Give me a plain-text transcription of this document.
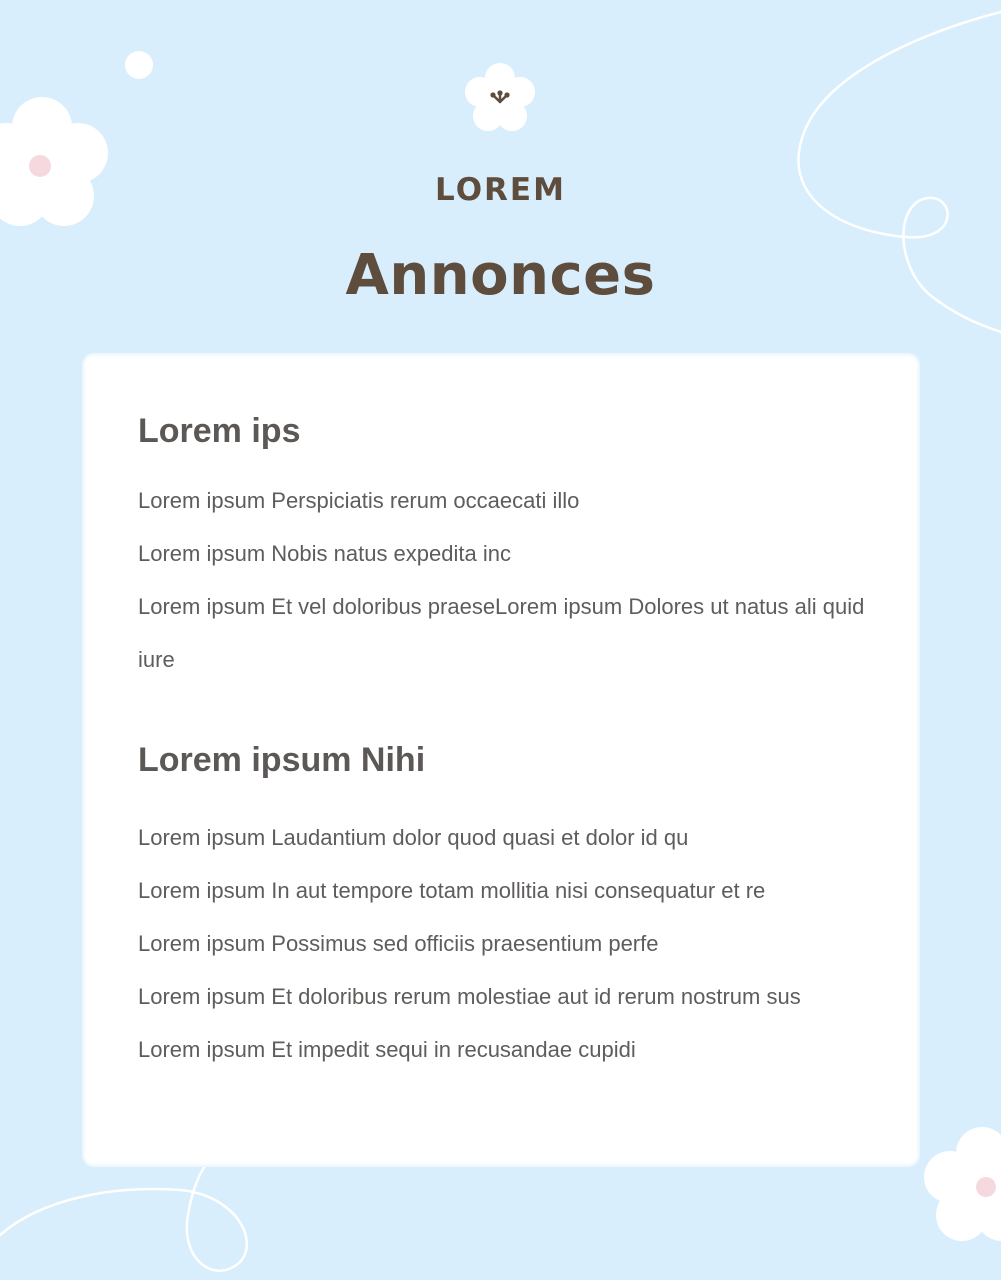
LOREM
Annonces
Lorem ips
Lorem ipsum Perspiciatis rerum occaecati illo
Lorem ipsum Nobis natus expedita inc
Lorem ipsum Et vel doloribus praeseLorem ipsum Dolores ut natus ali quid iure
Lorem ipsum Nihi
Lorem ipsum Laudantium dolor quod quasi et dolor id qu
Lorem ipsum In aut tempore totam mollitia nisi consequatur et re
Lorem ipsum Possimus sed officiis praesentium perfe
Lorem ipsum Et doloribus rerum molestiae aut id rerum nostrum sus
Lorem ipsum Et impedit sequi in recusandae cupidi
